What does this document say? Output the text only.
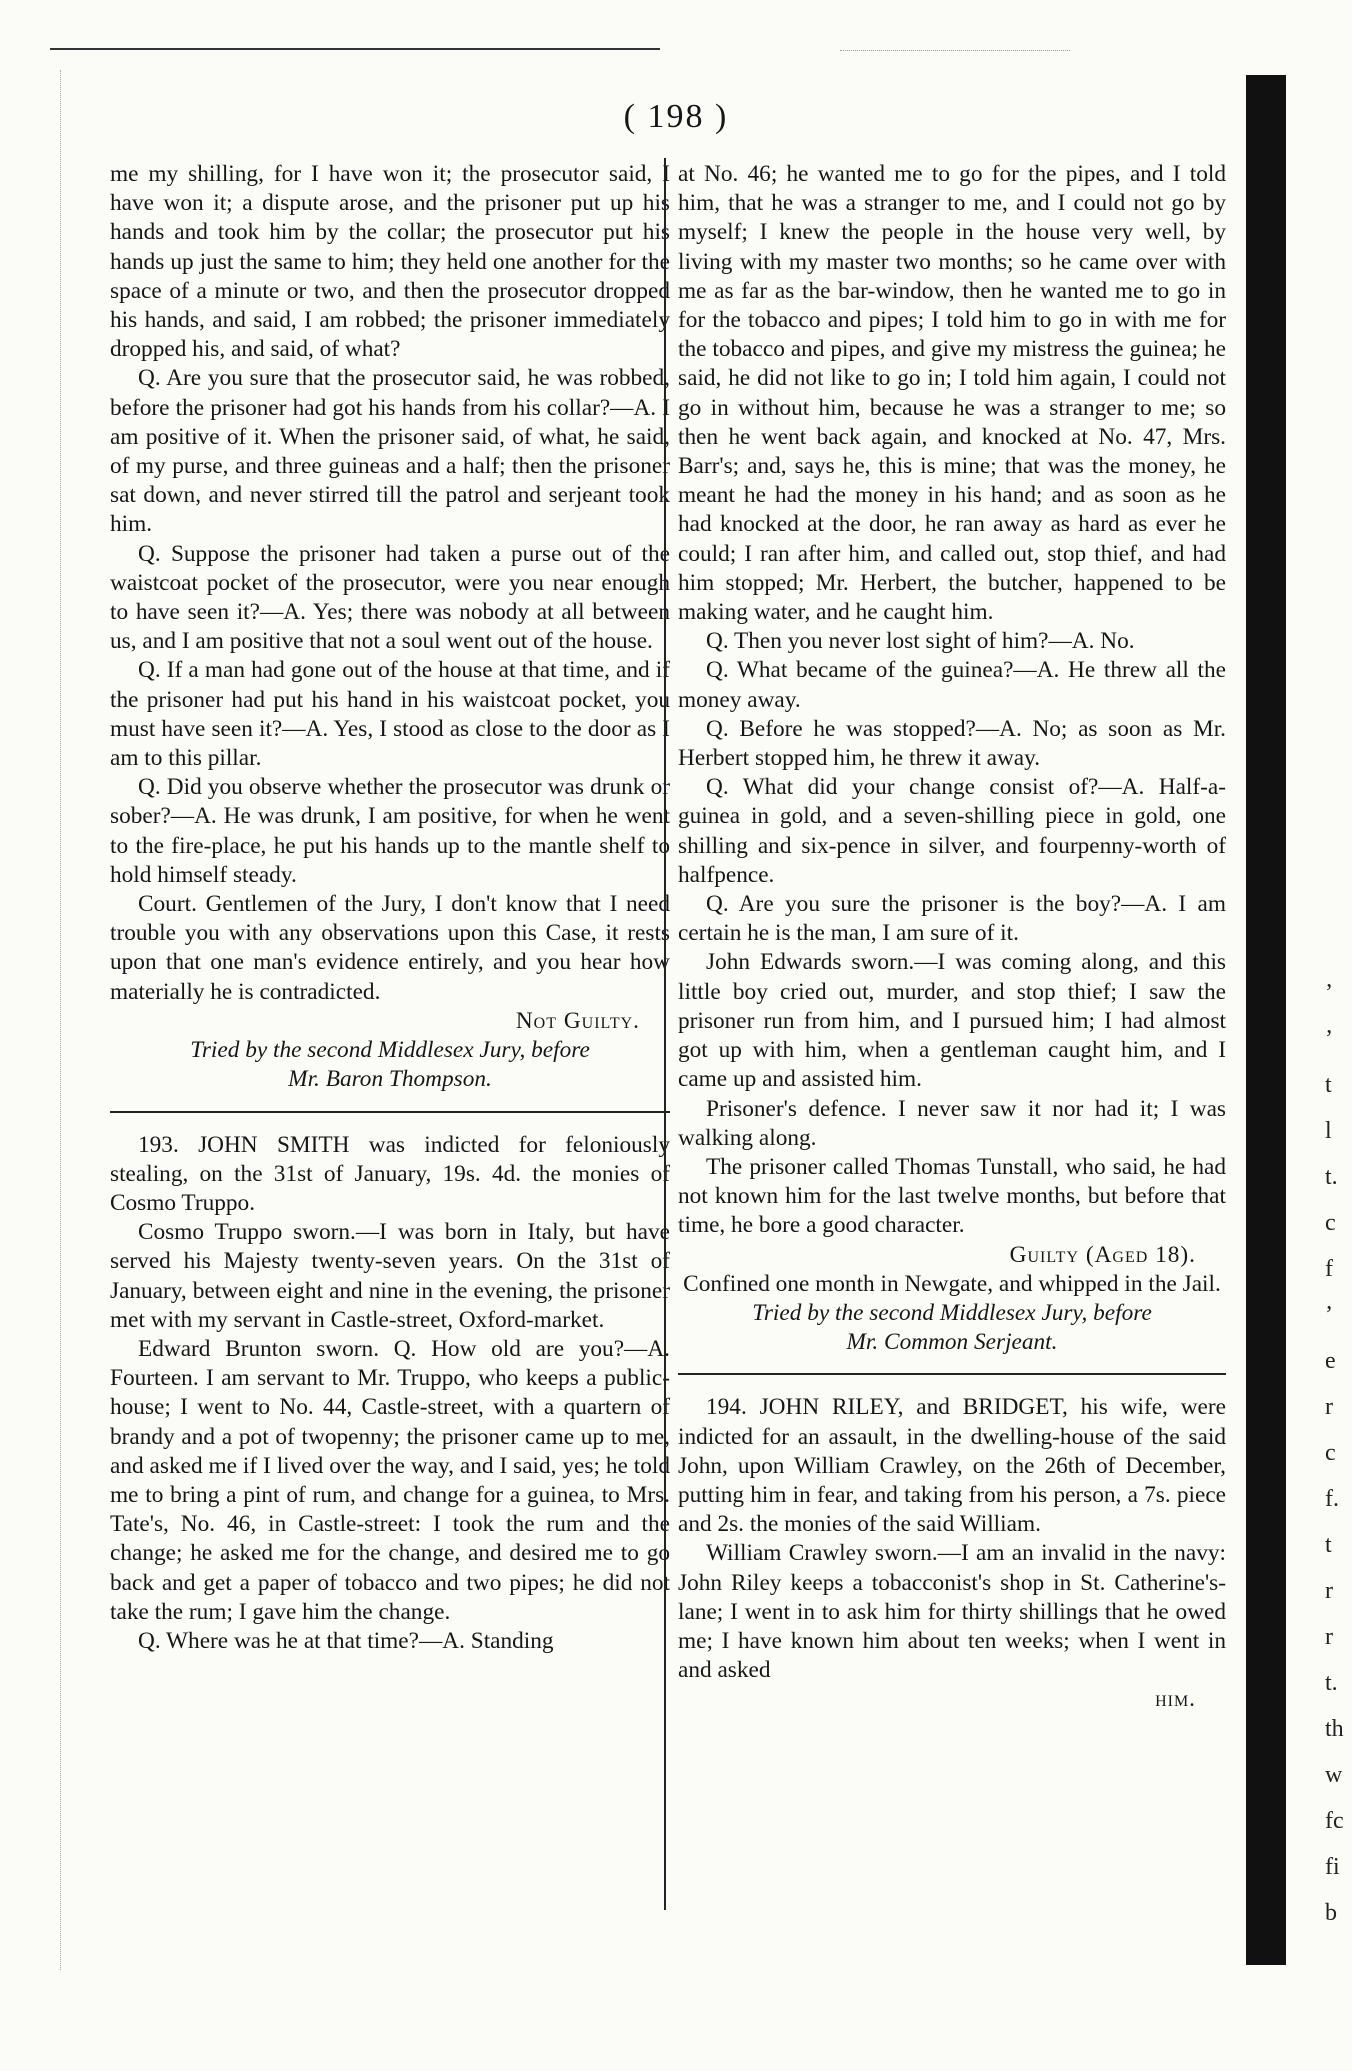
( 198 )

me my shilling, for I have won it; the prosecutor said, I have won it; a dispute arose, and the prisoner put up his hands and took him by the collar; the prosecutor put his hands up just the same to him; they held one another for the space of a minute or two, and then the prosecutor dropped his hands, and said, I am robbed; the prisoner immediately dropped his, and said, of what?

Q. Are you sure that the prosecutor said, he was robbed, before the prisoner had got his hands from his collar?—A. I am positive of it. When the prisoner said, of what, he said, of my purse, and three guineas and a half; then the prisoner sat down, and never stirred till the patrol and serjeant took him.

Q. Suppose the prisoner had taken a purse out of the waistcoat pocket of the prosecutor, were you near enough to have seen it?—A. Yes; there was nobody at all between us, and I am positive that not a soul went out of the house.

Q. If a man had gone out of the house at that time, and if the prisoner had put his hand in his waistcoat pocket, you must have seen it?—A. Yes, I stood as close to the door as I am to this pillar.

Q. Did you observe whether the prosecutor was drunk or sober?—A. He was drunk, I am positive, for when he went to the fire-place, he put his hands up to the mantle shelf to hold himself steady.

Court. Gentlemen of the Jury, I don't know that I need trouble you with any observations upon this Case, it rests upon that one man's evidence entirely, and you hear how materially he is contradicted.

Not Guilty.

Tried by the second Middlesex Jury, before

Mr. Baron Thompson.

193. JOHN SMITH was indicted for feloniously stealing, on the 31st of January, 19s. 4d. the monies of Cosmo Truppo.

Cosmo Truppo sworn.—I was born in Italy, but have served his Majesty twenty-seven years. On the 31st of January, between eight and nine in the evening, the prisoner met with my servant in Castle-street, Oxford-market.

Edward Brunton sworn. Q. How old are you?—A. Fourteen. I am servant to Mr. Truppo, who keeps a public-house; I went to No. 44, Castle-street, with a quartern of brandy and a pot of twopenny; the prisoner came up to me, and asked me if I lived over the way, and I said, yes; he told me to bring a pint of rum, and change for a guinea, to Mrs. Tate's, No. 46, in Castle-street: I took the rum and the change; he asked me for the change, and desired me to go back and get a paper of tobacco and two pipes; he did not take the rum; I gave him the change.

Q. Where was he at that time?—A. Standing

at No. 46; he wanted me to go for the pipes, and I told him, that he was a stranger to me, and I could not go by myself; I knew the people in the house very well, by living with my master two months; so he came over with me as far as the bar-window, then he wanted me to go in for the tobacco and pipes; I told him to go in with me for the tobacco and pipes, and give my mistress the guinea; he said, he did not like to go in; I told him again, I could not go in without him, because he was a stranger to me; so then he went back again, and knocked at No. 47, Mrs. Barr's; and, says he, this is mine; that was the money, he meant he had the money in his hand; and as soon as he had knocked at the door, he ran away as hard as ever he could; I ran after him, and called out, stop thief, and had him stopped; Mr. Herbert, the butcher, happened to be making water, and he caught him.

Q. Then you never lost sight of him?—A. No.

Q. What became of the guinea?—A. He threw all the money away.

Q. Before he was stopped?—A. No; as soon as Mr. Herbert stopped him, he threw it away.

Q. What did your change consist of?—A. Half-a-guinea in gold, and a seven-shilling piece in gold, one shilling and six-pence in silver, and fourpenny-worth of halfpence.

Q. Are you sure the prisoner is the boy?—A. I am certain he is the man, I am sure of it.

John Edwards sworn.—I was coming along, and this little boy cried out, murder, and stop thief; I saw the prisoner run from him, and I pursued him; I had almost got up with him, when a gentleman caught him, and I came up and assisted him.

Prisoner's defence. I never saw it nor had it; I was walking along.

The prisoner called Thomas Tunstall, who said, he had not known him for the last twelve months, but before that time, he bore a good character.

Guilty (Aged 18).

Confined one month in Newgate, and whipped in the Jail.

Tried by the second Middlesex Jury, before

Mr. Common Serjeant.

194. JOHN RILEY, and BRIDGET, his wife, were indicted for an assault, in the dwelling-house of the said John, upon William Crawley, on the 26th of December, putting him in fear, and taking from his person, a 7s. piece and 2s. the monies of the said William.

William Crawley sworn.—I am an invalid in the navy: John Riley keeps a tobacconist's shop in St. Catherine's-lane; I went in to ask him for thirty shillings that he owed me; I have known him about ten weeks; when I went in and asked

him.

ʼ
ʼ
t
l
t.
c
f
ʼ
e
r
c
f.
t
r
r
t.
th
w
fc
fi
b
